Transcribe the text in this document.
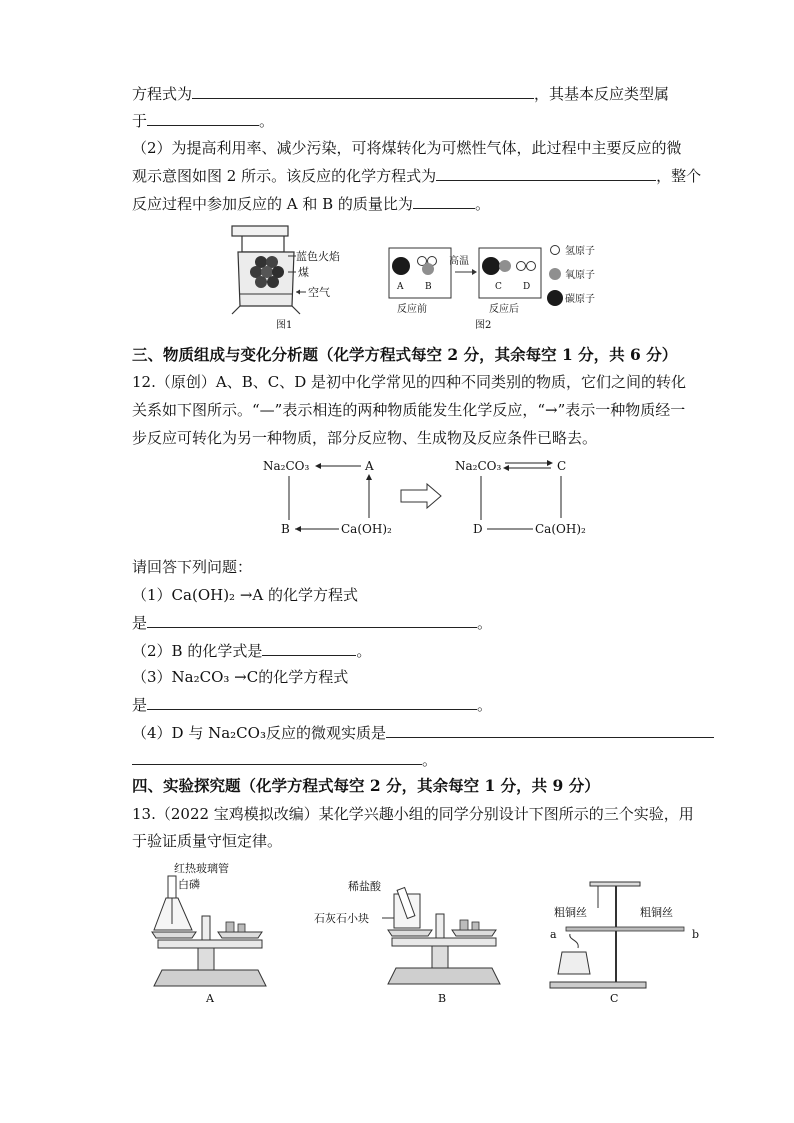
方程式为	，其基本反应类型属
于	。
（2）为提高利用率、减少污染，可将煤转化为可燃性气体，此过程中主要反应的微
观示意图如图 2 所示。该反应的化学方程式为	，整个
反应过程中参加反应的 A 和 B 的质量比为	。
蓝色火焰
煤
空气
图1
A B
反应前
高温
C D
反应后
氢原子
氧原子
碳原子
图2
三、物质组成与变化分析题（化学方程式每空 2 分，其余每空 1 分，共 6 分）
12.（原创）A、B、C、D 是初中化学常见的四种不同类别的物质，它们之间的转化
关系如下图所示。“—”表示相连的两种物质能发生化学反应，“→”表示一种物质经一
步反应可转化为另一种物质，部分反应物、生成物及反应条件已略去。
Na₂CO₃	A
B	Ca(OH)₂
Na₂CO₃	C
D	Ca(OH)₂
请回答下列问题：
（1）Ca(OH)₂ →A 的化学方程式
是	。
（2）B 的化学式是	。
（3）Na₂CO₃ →C的化学方程式
是	。
（4）D 与 Na₂CO₃反应的微观实质是
。
四、实验探究题（化学方程式每空 2 分，其余每空 1 分，共 9 分）
13.（2022 宝鸡模拟改编）某化学兴趣小组的同学分别设计下图所示的三个实验，用
于验证质量守恒定律。
红热玻璃管
白磷
A
稀盐酸
石灰石小块
B
粗铜丝	粗铜丝
a	b
C
